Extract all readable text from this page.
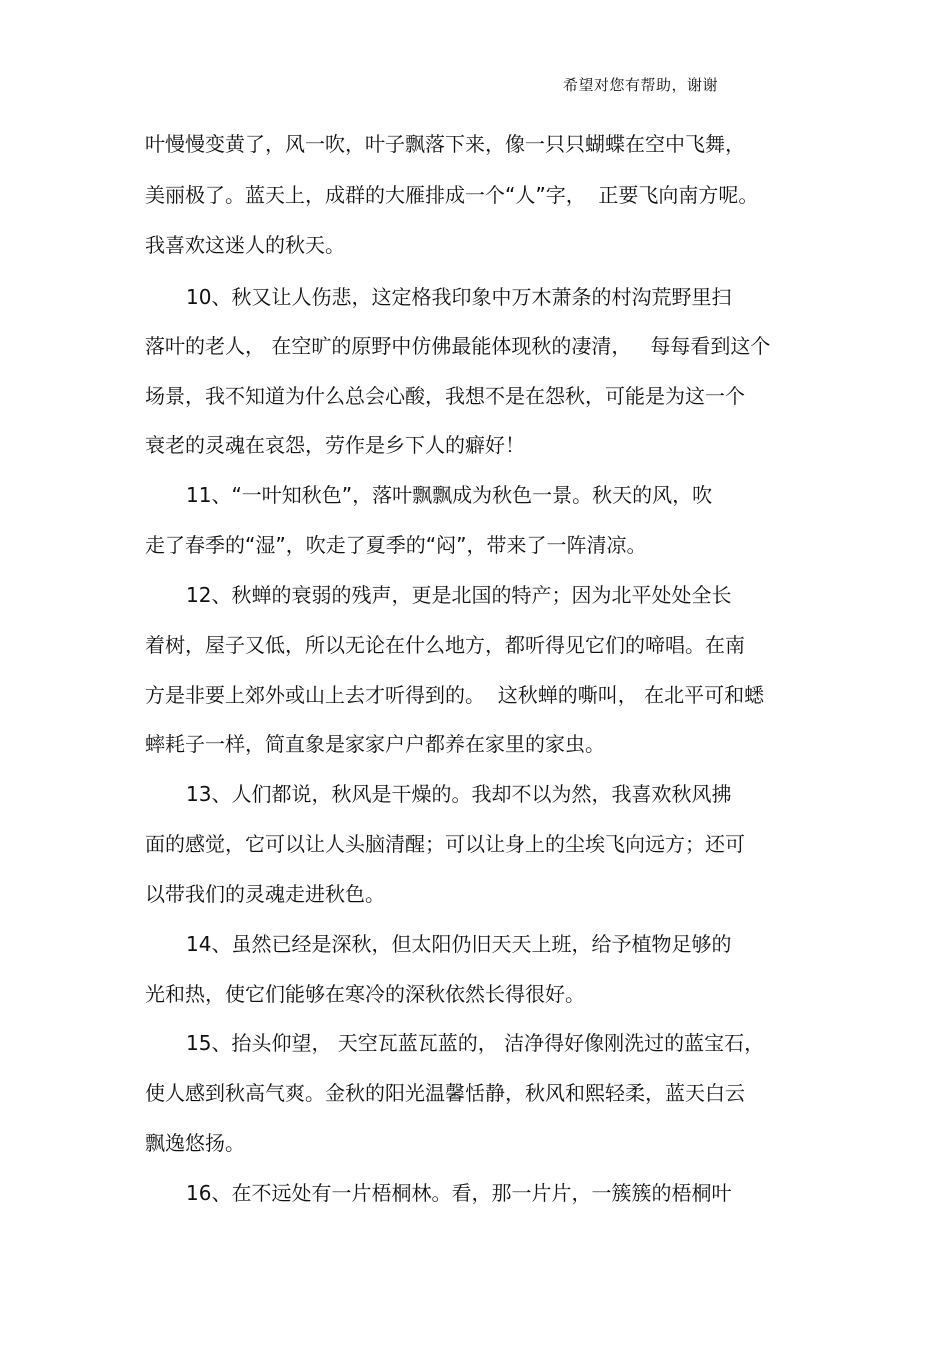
希望对您有帮助，谢谢
叶慢慢变黄了，风一吹，叶子飘落下来，像一只只蝴蝶在空中飞舞，
美丽极了。蓝天上，成群的大雁排成一个“人”字，  正要飞向南方呢。
我喜欢这迷人的秋天。
10、秋又让人伤悲，这定格我印象中万木萧条的村沟荒野里扫
落叶的老人， 在空旷的原野中仿佛最能体现秋的凄清，   每每看到这个
场景，我不知道为什么总会心酸，我想不是在怨秋，可能是为这一个
衰老的灵魂在哀怨，劳作是乡下人的癖好！
11、“一叶知秋色”，落叶飘飘成为秋色一景。秋天的风，吹
走了春季的“湿”，吹走了夏季的“闷”，带来了一阵清凉。
12、秋蝉的衰弱的残声，更是北国的特产；因为北平处处全长
着树，屋子又低，所以无论在什么地方，都听得见它们的啼唱。在南
方是非要上郊外或山上去才听得到的。  这秋蝉的嘶叫， 在北平可和蟋
蟀耗子一样，简直象是家家户户都养在家里的家虫。
13、人们都说，秋风是干燥的。我却不以为然，我喜欢秋风拂
面的感觉，它可以让人头脑清醒；可以让身上的尘埃飞向远方；还可
以带我们的灵魂走进秋色。
14、虽然已经是深秋，但太阳仍旧天天上班，给予植物足够的
光和热，使它们能够在寒冷的深秋依然长得很好。
15、抬头仰望， 天空瓦蓝瓦蓝的， 洁净得好像刚洗过的蓝宝石，
使人感到秋高气爽。金秋的阳光温馨恬静，秋风和熙轻柔，蓝天白云
飘逸悠扬。
16、在不远处有一片梧桐林。看，那一片片，一簇簇的梧桐叶
